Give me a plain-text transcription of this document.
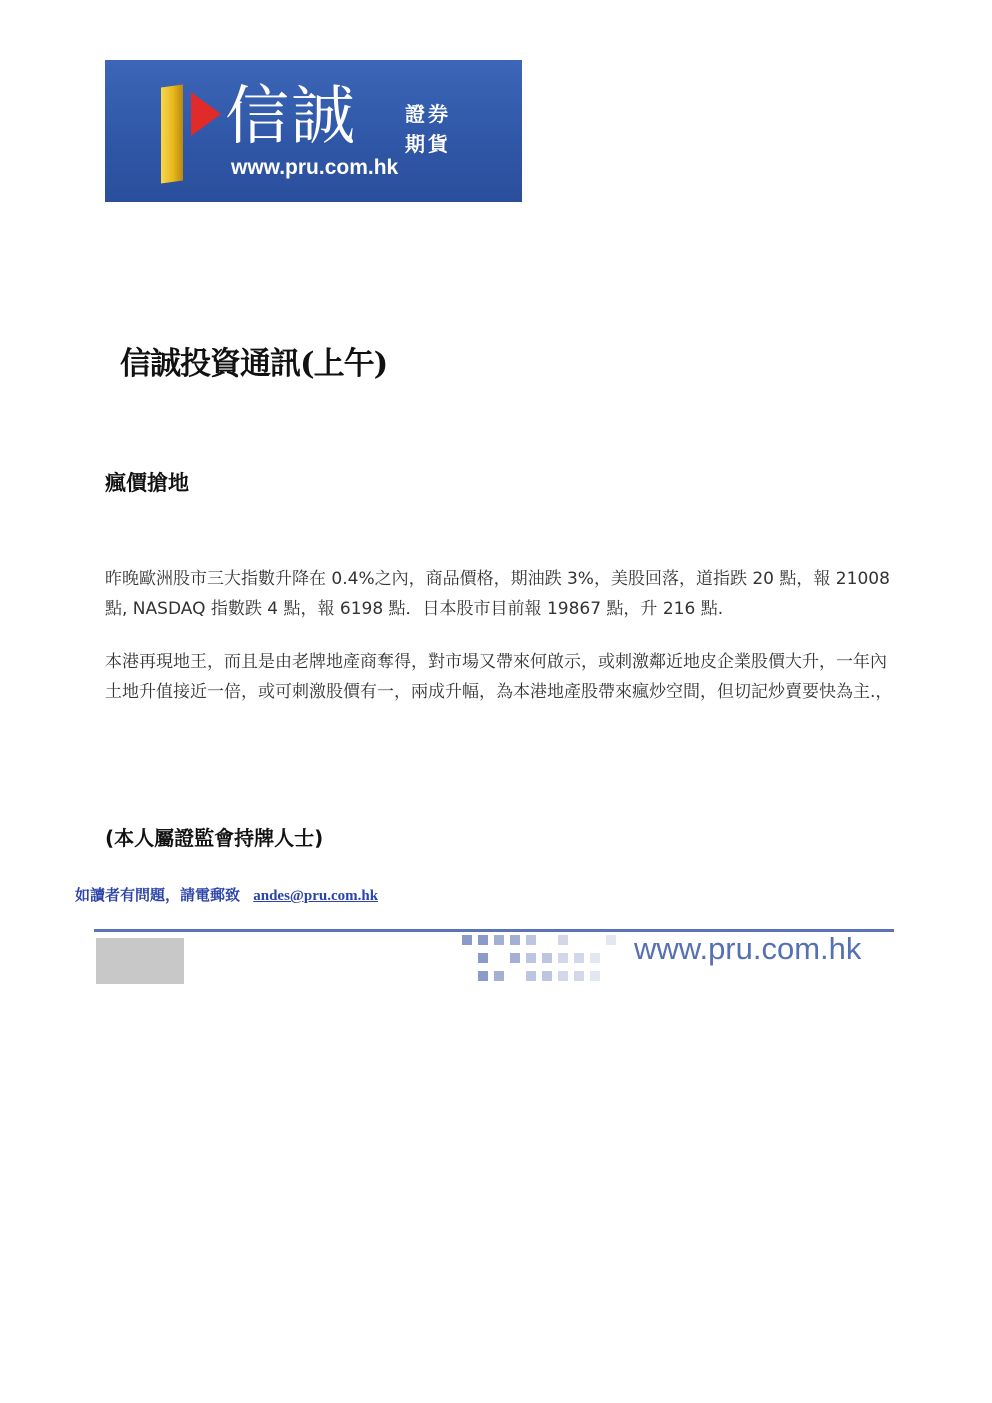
信誠 證券
期貨
www.pru.com.hk
信誠投資通訊(上午)
瘋價搶地
昨晚歐洲股市三大指數升降在 0.4%之內，商品價格，期油跌 3%，美股回落，道指跌 20 點，報 21008 點, NASDAQ 指數跌 4 點，報 6198 點．日本股市目前報 19867 點，升 216 點.
本港再現地王，而且是由老牌地產商奪得，對市場又帶來何啟示，或刺激鄰近地皮企業股價大升，一年內土地升值接近一倍，或可刺激股價有一，兩成升幅，為本港地產股帶來瘋炒空間，但切記炒賣要快為主.，
(本人屬證監會持牌人士)
如讀者有問題，請電郵致 andes@pru.com.hk
www.pru.com.hk
